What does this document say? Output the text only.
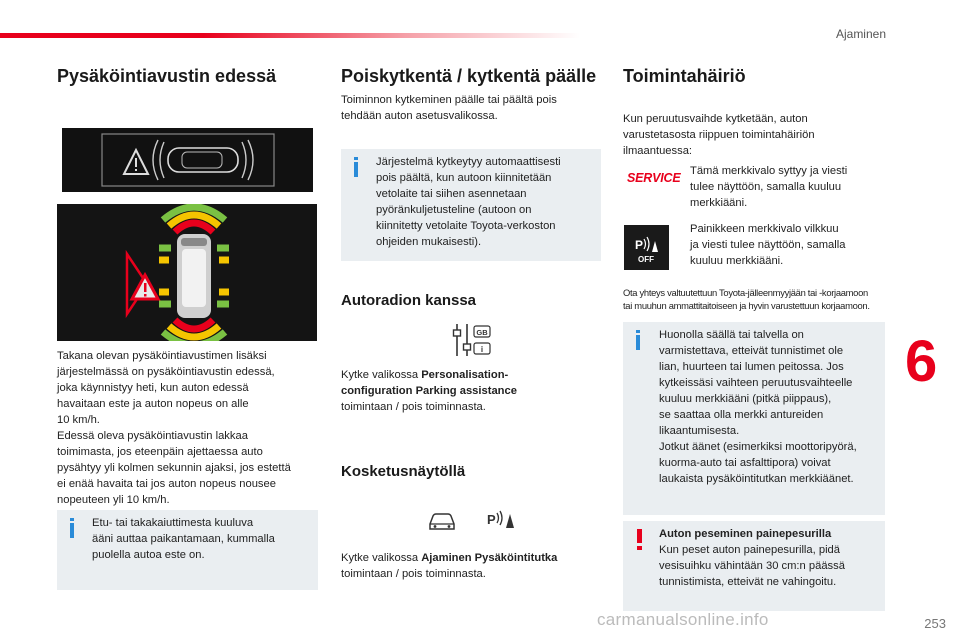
Ajaminen
Pysäköintiavustin edessä
Takana olevan pysäköintiavustimen lisäksi
järjestelmässä on pysäköintiavustin edessä,
joka käynnistyy heti, kun auton edessä
havaitaan este ja auton nopeus on alle
10 km/h.
Edessä oleva pysäköintiavustin lakkaa
toimimasta, jos eteenpäin ajettaessa auto
pysähtyy yli kolmen sekunnin ajaksi, jos estettä
ei enää havaita tai jos auton nopeus nousee
nopeuteen yli 10 km/h.
Etu- tai takakaiuttimesta kuuluva
ääni auttaa paikantamaan, kummalla
puolella autoa este on.
Poiskytkentä / kytkentä päälle
Toiminnon kytkeminen päälle tai päältä pois
tehdään auton asetusvalikossa.
Järjestelmä kytkeytyy automaattisesti
pois päältä, kun autoon kiinnitetään
vetolaite tai siihen asennetaan
pyöränkuljetusteline (autoon on
kiinnitetty vetolaite Toyota-verkoston
ohjeiden mukaisesti).
Autoradion kanssa
GB
i
Kytke valikossa Personalisation-
configuration Parking assistance
toimintaan / pois toiminnasta.
Kosketusnäytöllä
P
Kytke valikossa Ajaminen Pysäköintitutka
toimintaan / pois toiminnasta.
Toimintahäiriö
Kun peruutusvaihde kytketään, auton
varustetasosta riippuen toimintahäiriön
ilmaantuessa:
SERVICE Tämä merkkivalo syttyy ja viesti
tulee näyttöön, samalla kuuluu
merkkiääni.
P
OFF
Painikkeen merkkivalo vilkkuu
ja viesti tulee näyttöön, samalla
kuuluu merkkiääni.
Ota yhteys valtuutettuun Toyota-jälleenmyyjään tai -korjaamoon
tai muuhun ammattitaitoiseen ja hyvin varustettuun korjaamoon.
Huonolla säällä tai talvella on
varmistettava, etteivät tunnistimet ole
lian, huurteen tai lumen peitossa. Jos
kytkeissäsi vaihteen peruutusvaihteelle
kuuluu merkkiääni (pitkä piippaus),
se saattaa olla merkki antureiden
likaantumisesta.
Jotkut äänet (esimerkiksi moottoripyörä,
kuorma-auto tai asfalttipora) voivat
laukaista pysäköintitutkan merkkiäänet.
Auton peseminen painepesurilla
Kun peset auton painepesurilla, pidä
vesisuihku vähintään 30 cm:n päässä
tunnistimista, etteivät ne vahingoitu.
6
carmanualsonline.info	253
